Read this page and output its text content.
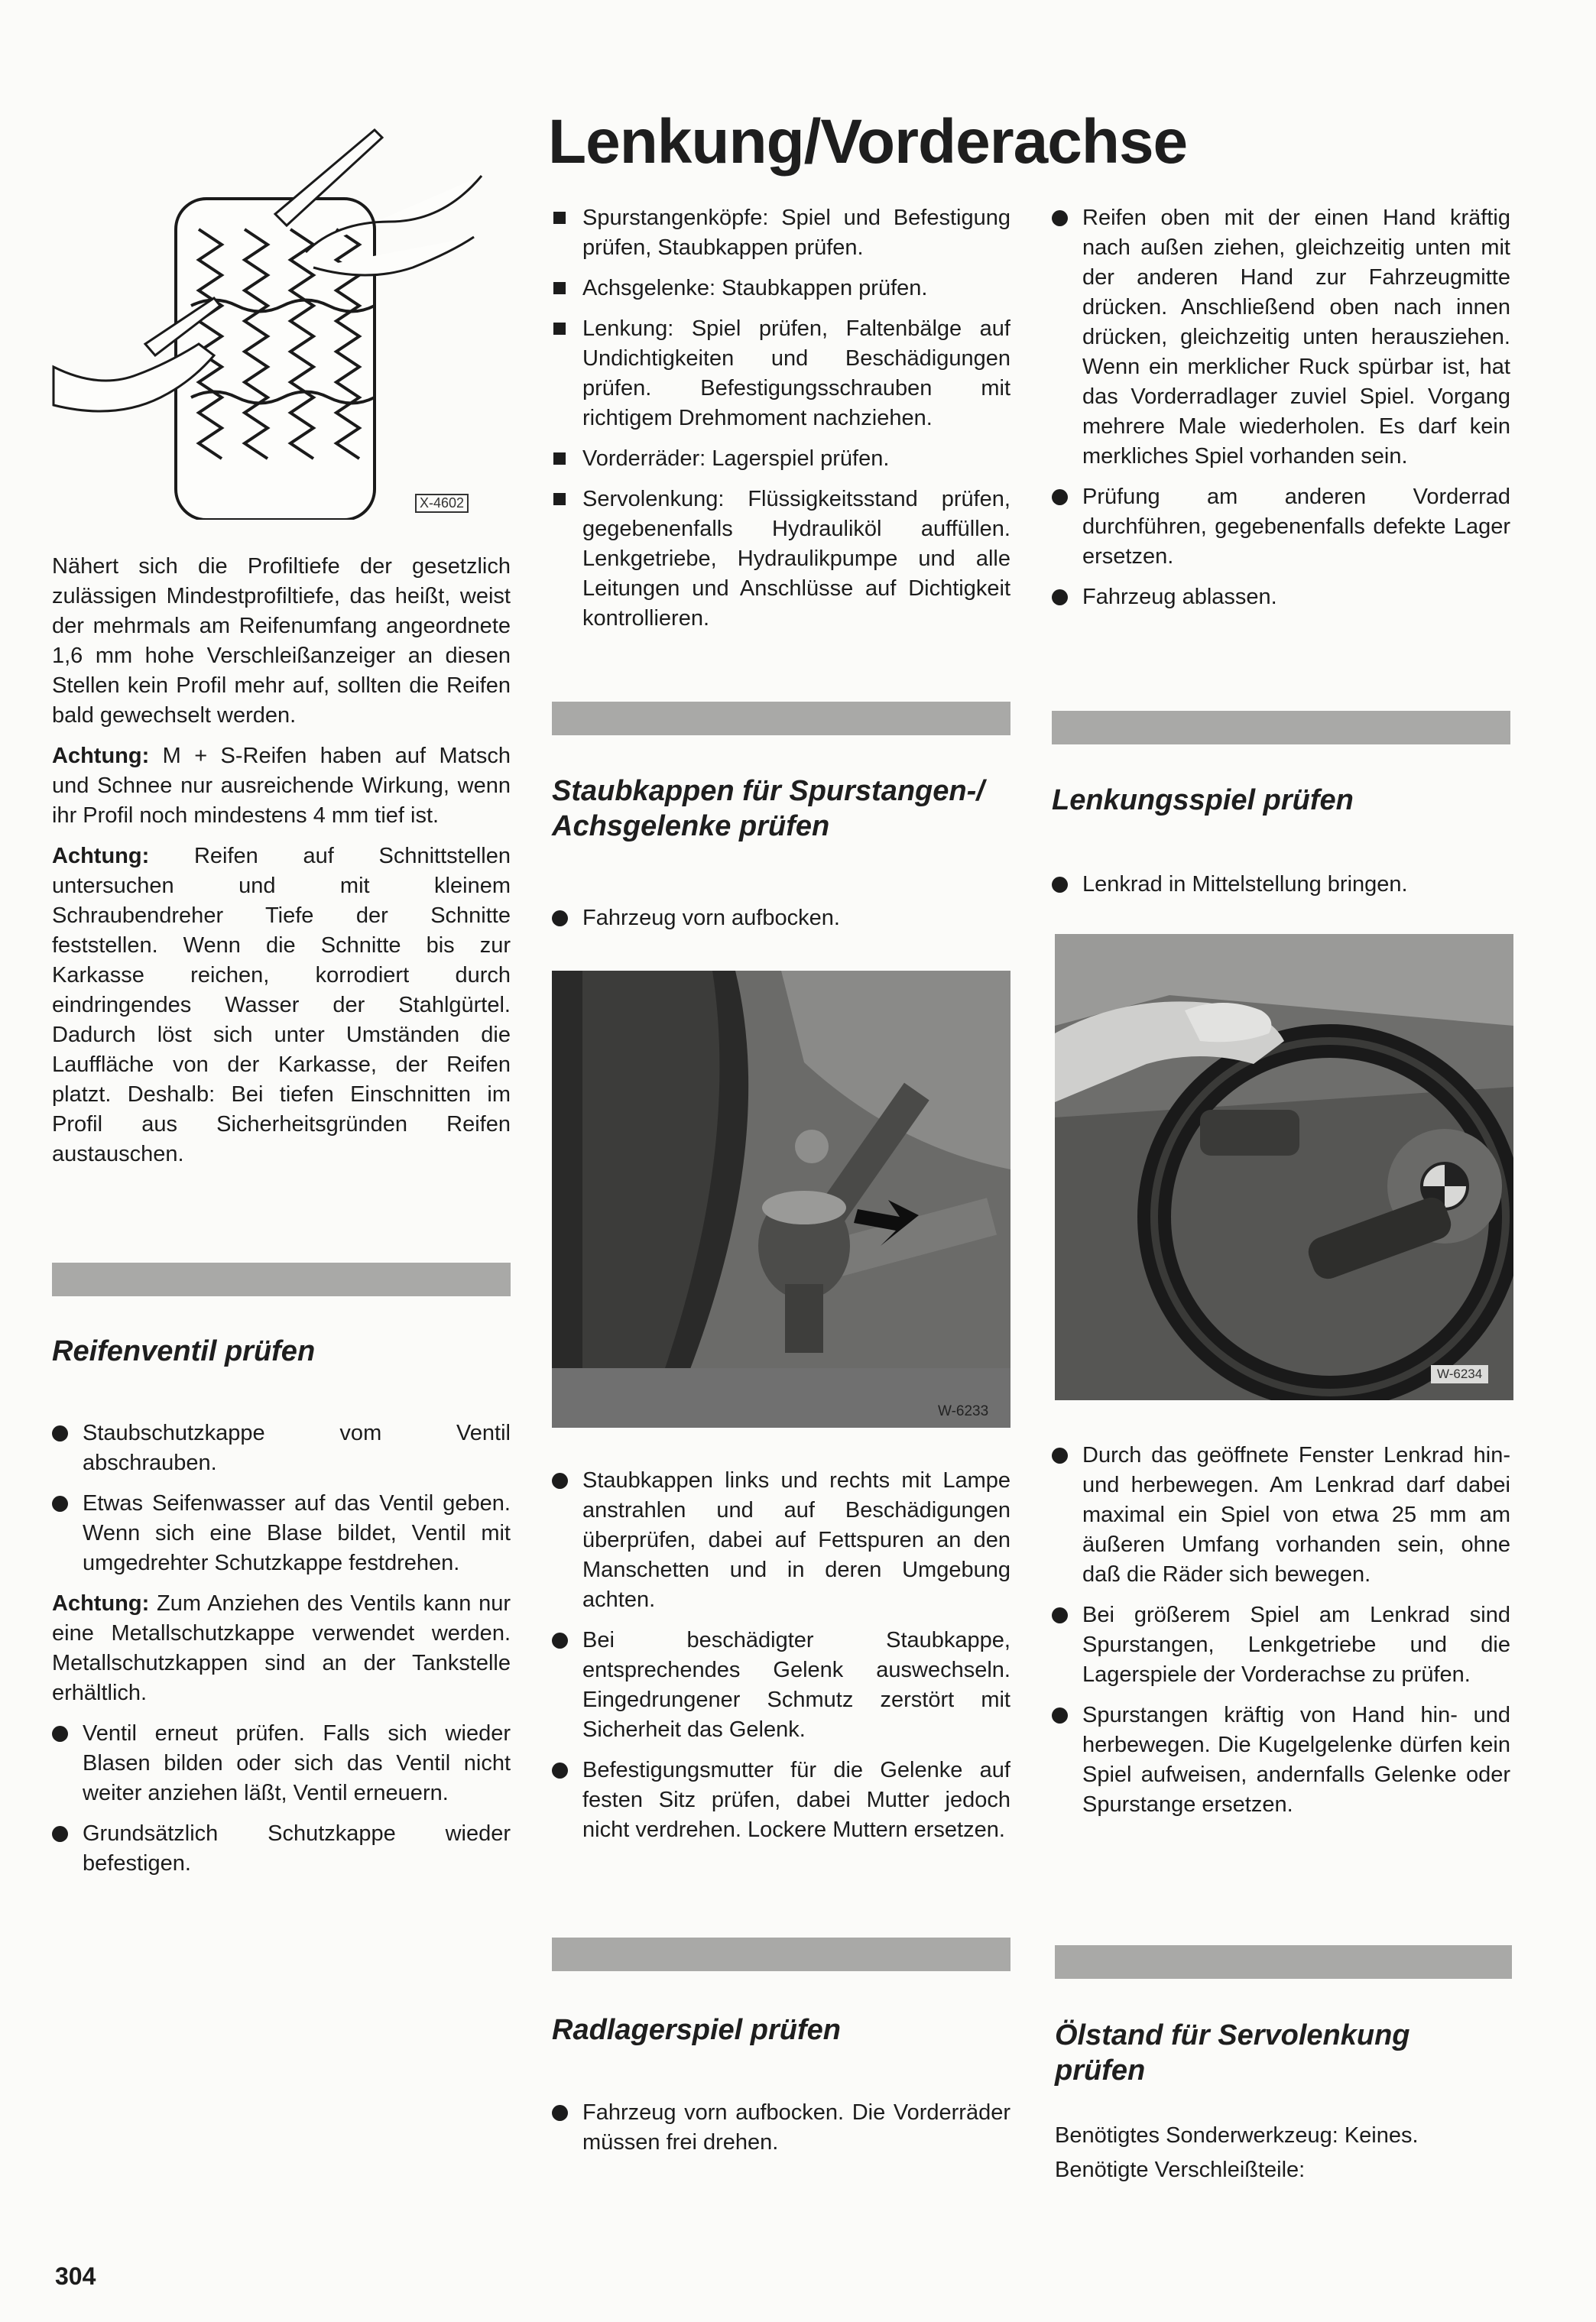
Lenkung/Vorderachse
X-4602

Nähert sich die Profiltiefe der gesetzlich zulässigen Mindestprofiltiefe, das heißt, weist der mehrmals am Reifenumfang angeordnete 1,6 mm hohe Verschleißanzeiger an diesen Stellen kein Profil mehr auf, sollten die Reifen bald gewechselt werden.

Achtung: M + S-Reifen haben auf Matsch und Schnee nur ausreichende Wirkung, wenn ihr Profil noch mindestens 4 mm tief ist.

Achtung: Reifen auf Schnittstellen untersuchen und mit kleinem Schraubendreher Tiefe der Schnitte feststellen. Wenn die Schnitte bis zur Karkasse reichen, korrodiert durch eindringendes Wasser der Stahlgürtel. Dadurch löst sich unter Umständen die Lauffläche von der Karkasse, der Reifen platzt. Deshalb: Bei tiefen Einschnitten im Profil aus Sicherheitsgründen Reifen austauschen.

Reifenventil prüfen
Staubschutzkappe vom Ventil abschrauben.
Etwas Seifenwasser auf das Ventil geben. Wenn sich eine Blase bildet, Ventil mit umgedrehter Schutzkappe festdrehen.

Achtung: Zum Anziehen des Ventils kann nur eine Metallschutzkappe verwendet werden. Metallschutzkappen sind an der Tankstelle erhältlich.

Ventil erneut prüfen. Falls sich wieder Blasen bilden oder sich das Ventil nicht weiter anziehen läßt, Ventil erneuern.
Grundsätzlich Schutzkappe wieder befestigen.
Spurstangenköpfe: Spiel und Befestigung prüfen, Staubkappen prüfen.
Achsgelenke: Staubkappen prüfen.
Lenkung: Spiel prüfen, Faltenbälge auf Undichtigkeiten und Beschädigungen prüfen. Befestigungsschrauben mit richtigem Drehmoment nachziehen.
Vorderräder: Lagerspiel prüfen.
Servolenkung: Flüssigkeitsstand prüfen, gegebenenfalls Hydrauliköl auffüllen. Lenkgetriebe, Hydraulikpumpe und alle Leitungen und Anschlüsse auf Dichtigkeit kontrollieren.
Staubkappen für Spurstangen-/
Achsgelenke prüfen
Fahrzeug vorn aufbocken.
W-6233
Staubkappen links und rechts mit Lampe anstrahlen und auf Beschädigungen überprüfen, dabei auf Fettspuren an den Manschetten und in deren Umgebung achten.
Bei beschädigter Staubkappe, entsprechendes Gelenk auswechseln. Eingedrungener Schmutz zerstört mit Sicherheit das Gelenk.
Befestigungsmutter für die Gelenke auf festen Sitz prüfen, dabei Mutter jedoch nicht verdrehen. Lockere Muttern ersetzen.
Radlagerspiel prüfen
Fahrzeug vorn aufbocken. Die Vorderräder müssen frei drehen.
Reifen oben mit der einen Hand kräftig nach außen ziehen, gleichzeitig unten mit der anderen Hand zur Fahrzeugmitte drücken. Anschließend oben nach innen drücken, gleichzeitig unten herausziehen. Wenn ein merklicher Ruck spürbar ist, hat das Vorderradlager zuviel Spiel. Vorgang mehrere Male wiederholen. Es darf kein merkliches Spiel vorhanden sein.
Prüfung am anderen Vorderrad durchführen, gegebenenfalls defekte Lager ersetzen.
Fahrzeug ablassen.
Lenkungsspiel prüfen
Lenkrad in Mittelstellung bringen.
W-6234
Durch das geöffnete Fenster Lenkrad hin- und herbewegen. Am Lenkrad darf dabei maximal ein Spiel von etwa 25 mm am äußeren Umfang vorhanden sein, ohne daß die Räder sich bewegen.
Bei größerem Spiel am Lenkrad sind Spurstangen, Lenkgetriebe und die Lagerspiele der Vorderachse zu prüfen.
Spurstangen kräftig von Hand hin- und herbewegen. Die Kugelgelenke dürfen kein Spiel aufweisen, andernfalls Gelenke oder Spurstange ersetzen.
Ölstand für Servolenkung
prüfen

Benötigtes Sonderwerkzeug: Keines.

Benötigte Verschleißteile:

304
